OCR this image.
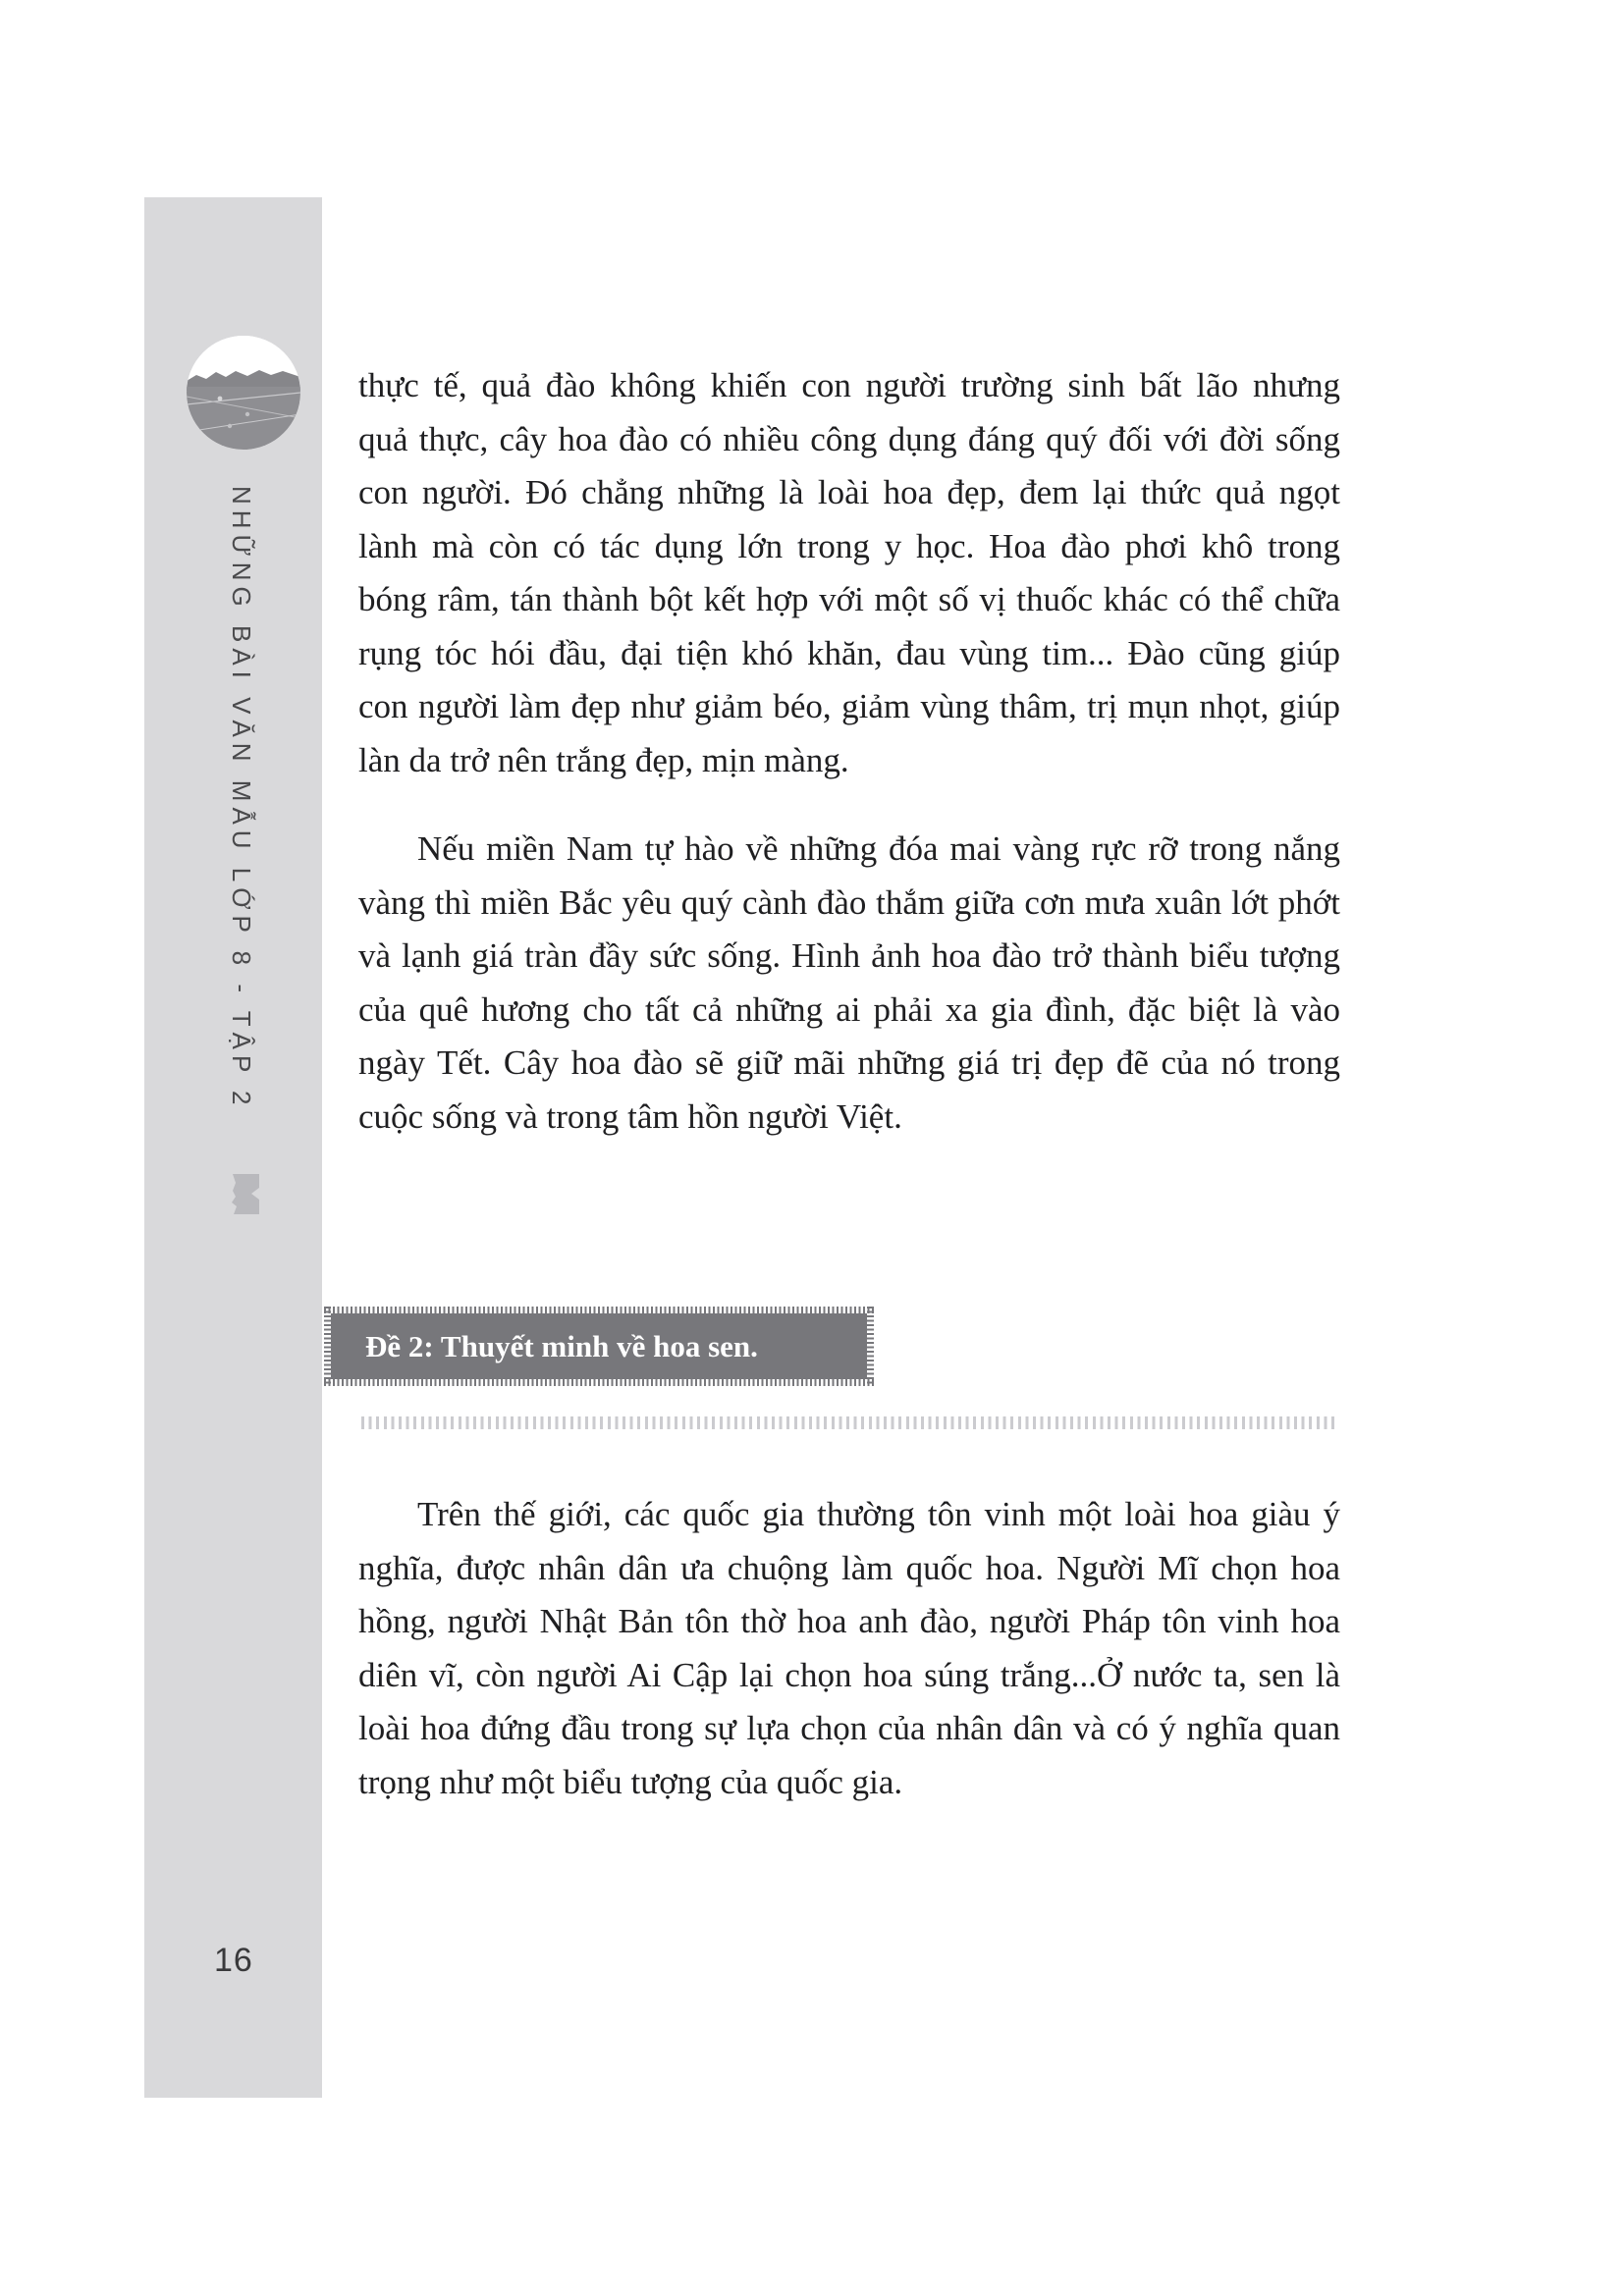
NHỮNG BÀI VĂN MẪU LỚP 8 - TẬP 2
16
thực tế, quả đào không khiến con người trường sinh bất lão nhưng
quả thực, cây hoa đào có nhiều công dụng đáng quý đối với đời sống
con người. Đó chẳng những là loài hoa đẹp, đem lại thức quả ngọt
lành mà còn có tác dụng lớn trong y học. Hoa đào phơi khô trong
bóng râm, tán thành bột kết hợp với một số vị thuốc khác có thể chữa
rụng tóc hói đầu, đại tiện khó khăn, đau vùng tim... Đào cũng giúp
con người làm đẹp như giảm béo, giảm vùng thâm, trị mụn nhọt, giúp
làn da trở nên trắng đẹp, mịn màng.
Nếu miền Nam tự hào về những đóa mai vàng rực rỡ trong nắng
vàng thì miền Bắc yêu quý cành đào thắm giữa cơn mưa xuân lớt phớt
và lạnh giá tràn đầy sức sống. Hình ảnh hoa đào trở thành biểu tượng
của quê hương cho tất cả những ai phải xa gia đình, đặc biệt là vào
ngày Tết. Cây hoa đào sẽ giữ mãi những giá trị đẹp đẽ của nó trong
cuộc sống và trong tâm hồn người Việt.
Đề 2: Thuyết minh về hoa sen.
Trên thế giới, các quốc gia thường tôn vinh một loài hoa giàu ý
nghĩa, được nhân dân ưa chuộng làm quốc hoa. Người Mĩ chọn hoa
hồng, người Nhật Bản tôn thờ hoa anh đào, người Pháp tôn vinh hoa
diên vĩ, còn người Ai Cập lại chọn hoa súng trắng...Ở nước ta, sen là
loài hoa đứng đầu trong sự lựa chọn của nhân dân và có ý nghĩa quan
trọng như một biểu tượng của quốc gia.
